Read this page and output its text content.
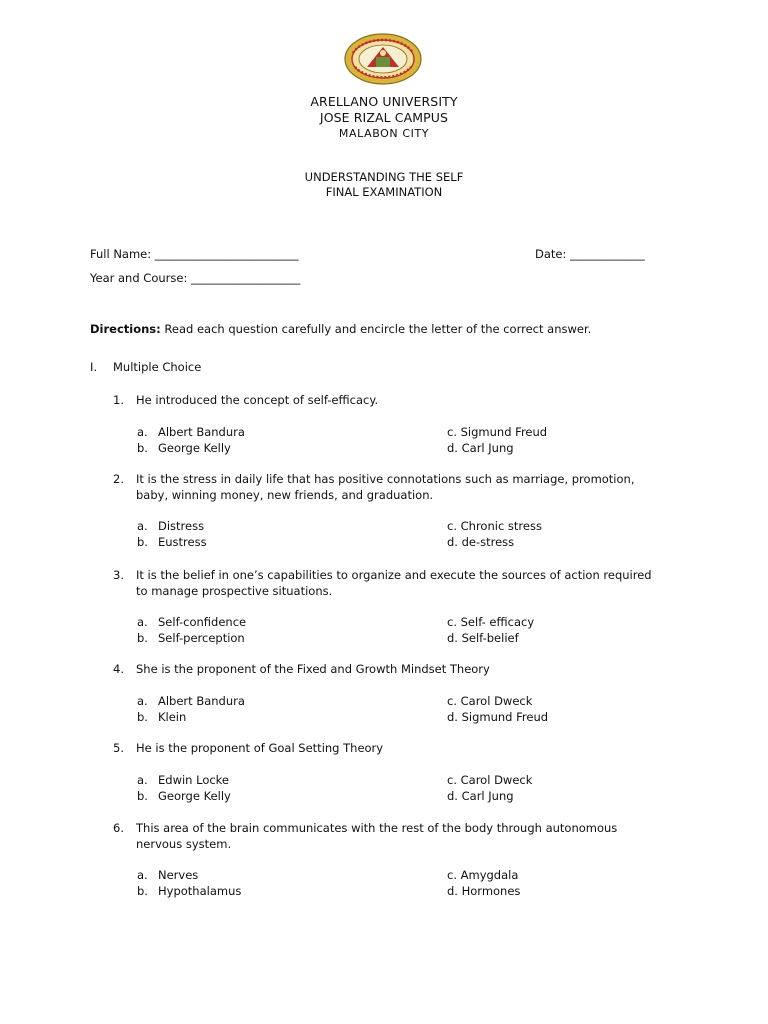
ARELLANO UNIVERSITY
JOSE RIZAL CAMPUS
MALABON CITY
UNDERSTANDING THE SELF
FINAL EXAMINATION
Full Name: _________________________	Date: _____________
Year and Course: ___________________
Directions: Read each question carefully and encircle the letter of the correct answer.
I. Multiple Choice
1. He introduced the concept of self-efficacy.
a. Albert Bandura
b. George Kelly
c. Sigmund Freud
d. Carl Jung
2. It is the stress in daily life that has positive connotations such as marriage, promotion, baby, winning money, new friends, and graduation.
a. Distress
b. Eustress
c. Chronic stress
d. de-stress
3. It is the belief in one’s capabilities to organize and execute the sources of action required to manage prospective situations.
a. Self-confidence
b. Self-perception
c. Self- efficacy
d. Self-belief
4. She is the proponent of the Fixed and Growth Mindset Theory
a. Albert Bandura
b. Klein
c. Carol Dweck
d. Sigmund Freud
5. He is the proponent of Goal Setting Theory
a. Edwin Locke
b. George Kelly
c. Carol Dweck
d. Carl Jung
6. This area of the brain communicates with the rest of the body through autonomous nervous system.
a. Nerves
b. Hypothalamus
c. Amygdala
d. Hormones
